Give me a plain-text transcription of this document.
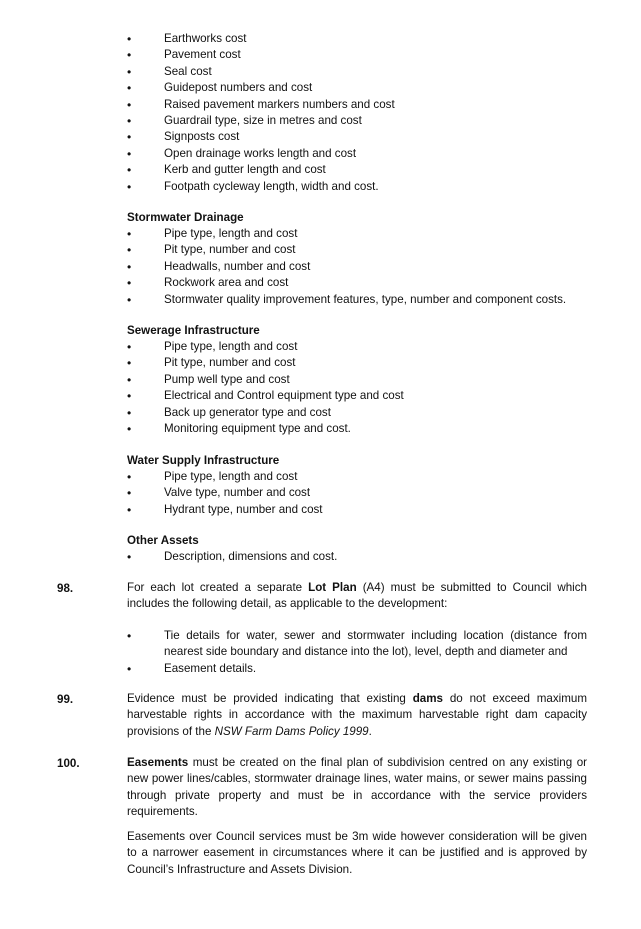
•	Earthworks cost
•	Pavement cost
•	Seal cost
•	Guidepost numbers and cost
•	Raised pavement markers numbers and cost
•	Guardrail type, size in metres and cost
•	Signposts cost
•	Open drainage works length and cost
•	Kerb and gutter length and cost
•	Footpath cycleway length, width and cost.
Stormwater Drainage
•	Pipe type, length and cost
•	Pit type, number and cost
•	Headwalls, number and cost
•	Rockwork area and cost
•	Stormwater quality improvement features, type, number and component costs.
Sewerage Infrastructure
•	Pipe type, length and cost
•	Pit type, number and cost
•	Pump well type and cost
•	Electrical and Control equipment type and cost
•	Back up generator type and cost
•	Monitoring equipment type and cost.
Water Supply Infrastructure
•	Pipe type, length and cost
•	Valve type, number and cost
•	Hydrant type, number and cost
Other Assets
•	Description, dimensions and cost.
98.	For each lot created a separate Lot Plan (A4) must be submitted to Council which includes the following detail, as applicable to the development:
•	Tie details for water, sewer and stormwater including location (distance from nearest side boundary and distance into the lot), level, depth and diameter and
•	Easement details.
99.	Evidence must be provided indicating that existing dams do not exceed maximum harvestable rights in accordance with the maximum harvestable right dam capacity provisions of the NSW Farm Dams Policy 1999.
100.	Easements must be created on the final plan of subdivision centred on any existing or new power lines/cables, stormwater drainage lines, water mains, or sewer mains passing through private property and must be in accordance with the service providers requirements.
Easements over Council services must be 3m wide however consideration will be given to a narrower easement in circumstances where it can be justified and is approved by Council’s Infrastructure and Assets Division.
